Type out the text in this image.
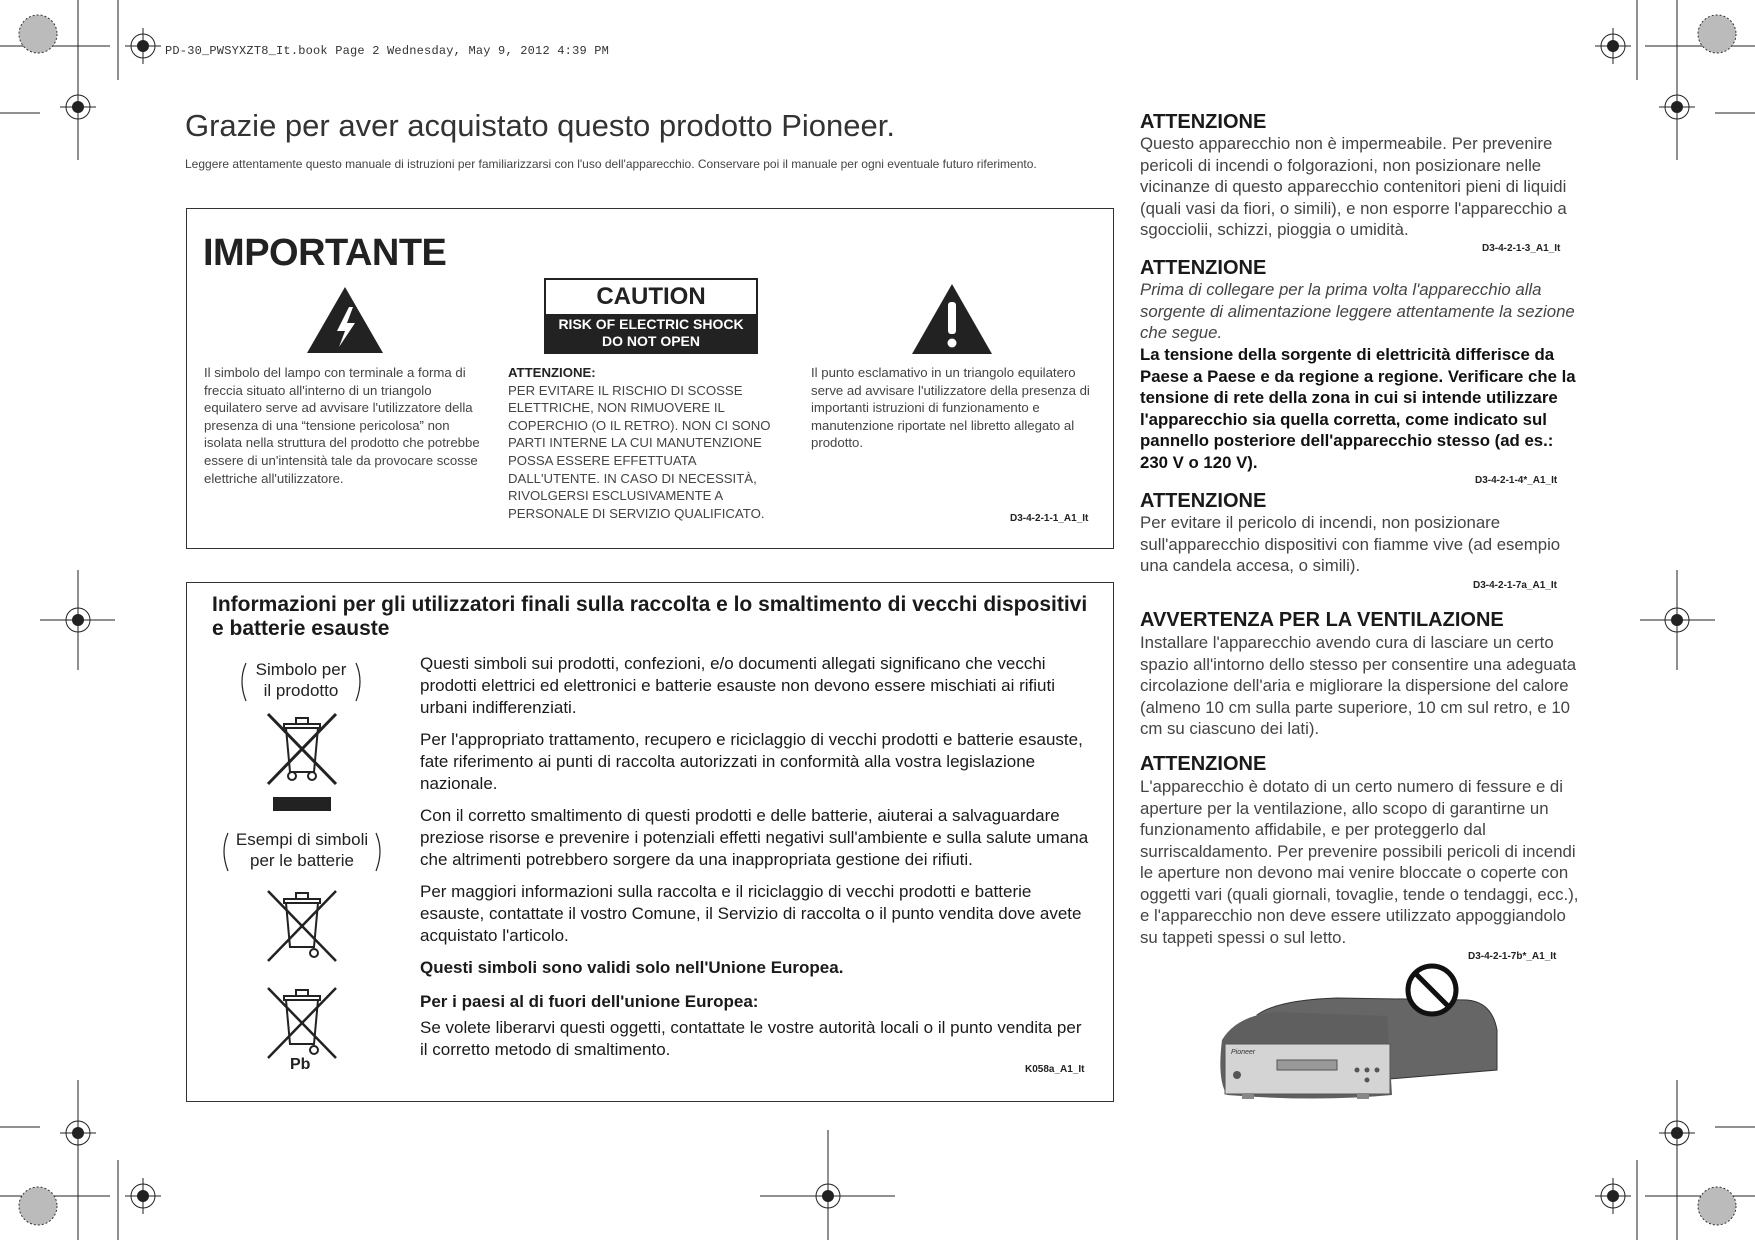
PD-30_PWSYXZT8_It.book Page 2 Wednesday, May 9, 2012 4:39 PM
Grazie per aver acquistato questo prodotto Pioneer.
Leggere attentamente questo manuale di istruzioni per familiarizzarsi con l'uso dell'apparecchio. Conservare poi il manuale per ogni eventuale futuro riferimento.
IMPORTANTE
CAUTION
RISK OF ELECTRIC SHOCK
DO NOT OPEN
Il simbolo del lampo con terminale a forma di freccia situato all'interno di un triangolo equilatero serve ad avvisare l'utilizzatore della presenza di una “tensione pericolosa” non isolata nella struttura del prodotto che potrebbe essere di un'intensità tale da provocare scosse elettriche all'utilizzatore.
ATTENZIONE:
PER EVITARE IL RISCHIO DI SCOSSE ELETTRICHE, NON RIMUOVERE IL COPERCHIO (O IL RETRO). NON CI SONO PARTI INTERNE LA CUI MANUTENZIONE POSSA ESSERE EFFETTUATA DALL'UTENTE. IN CASO DI NECESSITÀ, RIVOLGERSI ESCLUSIVAMENTE A PERSONALE DI SERVIZIO QUALIFICATO.
Il punto esclamativo in un triangolo equilatero serve ad avvisare l'utilizzatore della presenza di importanti istruzioni di funzionamento e manutenzione riportate nel libretto allegato al prodotto.
D3-4-2-1-1_A1_It
Informazioni per gli utilizzatori finali sulla raccolta e lo smaltimento di vecchi dispositivi e batterie esauste
Simbolo per
il prodotto
Esempi di simboli
per le batterie
Pb
Questi simboli sui prodotti, confezioni, e/o documenti allegati significano che vecchi prodotti elettrici ed elettronici e batterie esauste non devono essere mischiati ai rifiuti urbani indifferenziati.
Per l'appropriato trattamento, recupero e riciclaggio di vecchi prodotti e batterie esauste, fate riferimento ai punti di raccolta autorizzati in conformità alla vostra legislazione nazionale.
Con il corretto smaltimento di questi prodotti e delle batterie, aiuterai a salvaguardare preziose risorse e prevenire i potenziali effetti negativi sull'ambiente e sulla salute umana che altrimenti potrebbero sorgere da una inappropriata gestione dei rifiuti.
Per maggiori informazioni sulla raccolta e il riciclaggio di vecchi prodotti e batterie esauste, contattate il vostro Comune, il Servizio di raccolta o il punto vendita dove avete acquistato l'articolo.
Questi simboli sono validi solo nell'Unione Europea.
Per i paesi al di fuori dell'unione Europea:
Se volete liberarvi questi oggetti, contattate le vostre autorità locali o il punto vendita per il corretto metodo di smaltimento.
K058a_A1_It
ATTENZIONE
Questo apparecchio non è impermeabile. Per prevenire pericoli di incendi o folgorazioni, non posizionare nelle vicinanze di questo apparecchio contenitori pieni di liquidi (quali vasi da fiori, o simili), e non esporre l'apparecchio a sgocciolii, schizzi, pioggia o umidità.
D3-4-2-1-3_A1_It
ATTENZIONE
Prima di collegare per la prima volta l'apparecchio alla sorgente di alimentazione leggere attentamente la sezione che segue.
La tensione della sorgente di elettricità differisce da Paese a Paese e da regione a regione. Verificare che la tensione di rete della zona in cui si intende utilizzare l'apparecchio sia quella corretta, come indicato sul pannello posteriore dell'apparecchio stesso (ad es.: 230 V o 120 V).
D3-4-2-1-4*_A1_It
ATTENZIONE
Per evitare il pericolo di incendi, non posizionare sull'apparecchio dispositivi con fiamme vive (ad esempio una candela accesa, o simili).
D3-4-2-1-7a_A1_It
AVVERTENZA PER LA VENTILAZIONE
Installare l'apparecchio avendo cura di lasciare un certo spazio all'intorno dello stesso per consentire una adeguata circolazione dell'aria e migliorare la dispersione del calore (almeno 10 cm sulla parte superiore, 10 cm sul retro, e 10 cm su ciascuno dei lati).
ATTENZIONE
L'apparecchio è dotato di un certo numero di fessure e di aperture per la ventilazione, allo scopo di garantirne un funzionamento affidabile, e per proteggerlo dal surriscaldamento. Per prevenire possibili pericoli di incendi le aperture non devono mai venire bloccate o coperte con oggetti vari (quali giornali, tovaglie, tende o tendaggi, ecc.), e l'apparecchio non deve essere utilizzato appoggiandolo su tappeti spessi o sul letto.
D3-4-2-1-7b*_A1_It
Pioneer
